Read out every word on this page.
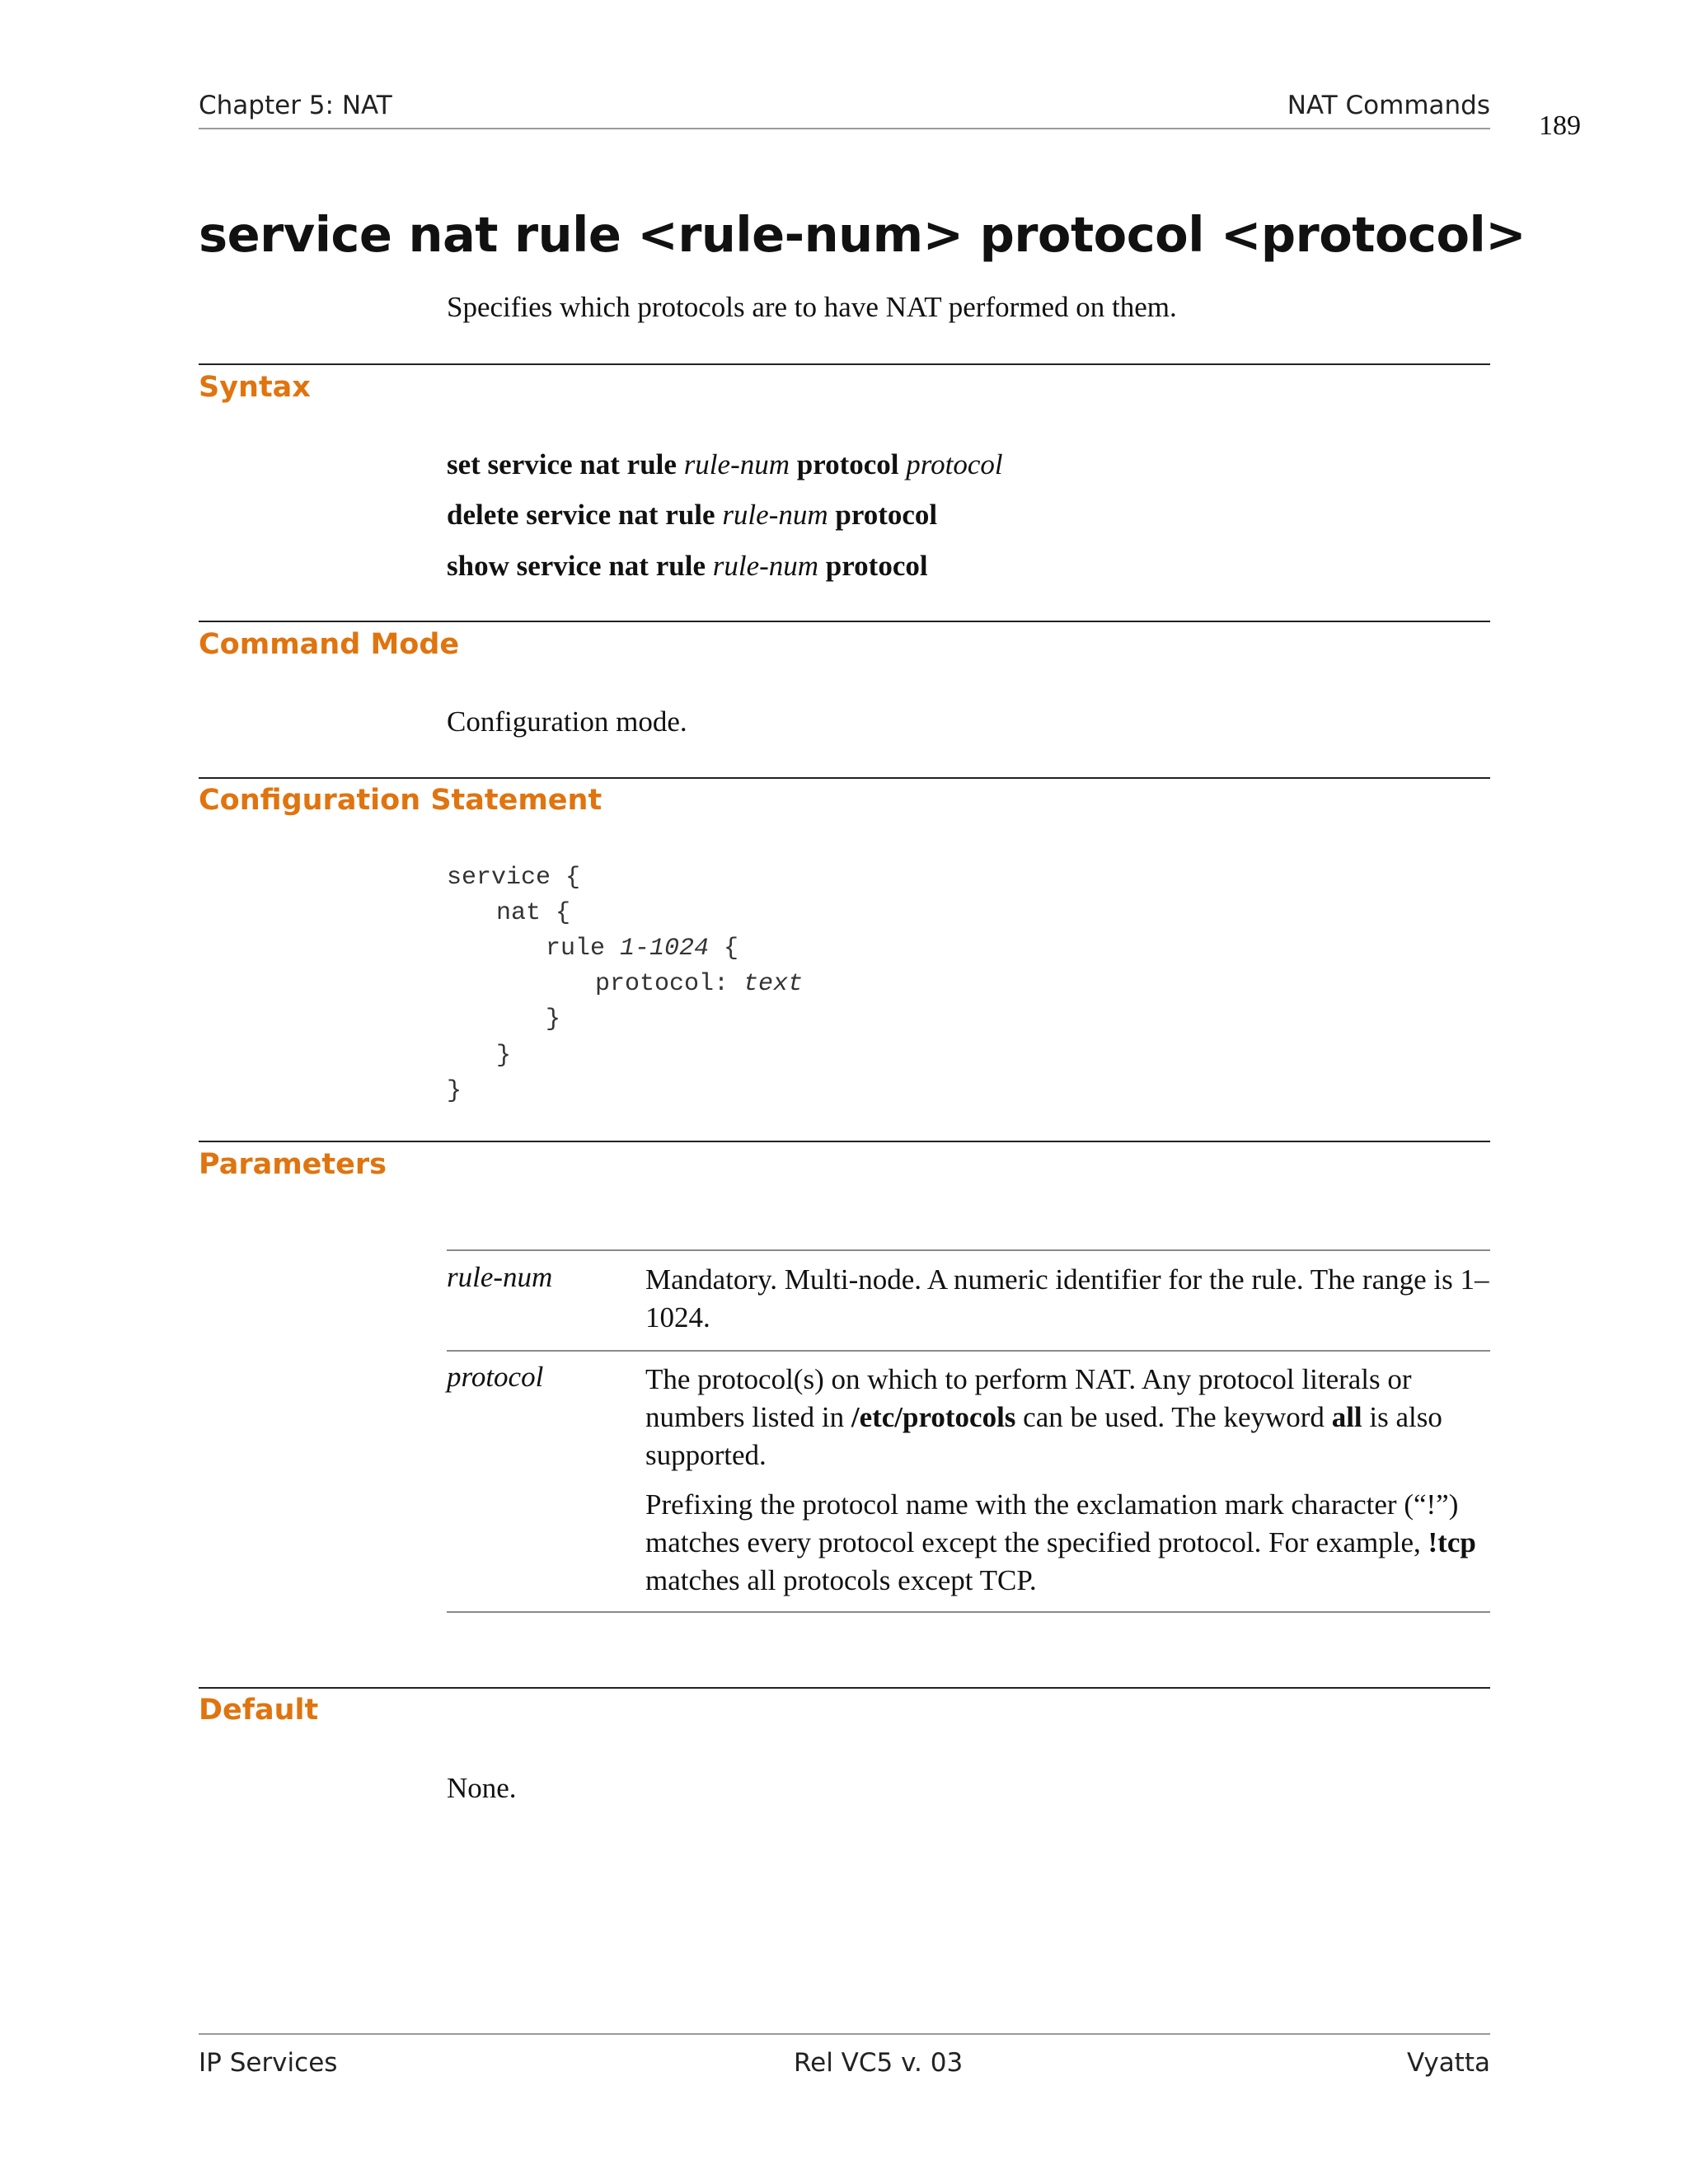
Chapter 5: NAT	NAT Commands
189
service nat rule <rule-num> protocol <protocol>
Specifies which protocols are to have NAT performed on them.
Syntax
set service nat rule rule-num protocol protocol
delete service nat rule rule-num protocol
show service nat rule rule-num protocol
Command Mode
Configuration mode.
Configuration Statement
service {
nat {
rule 1-1024 {
protocol: text
}
}
}
Parameters
rule-num	Mandatory. Multi-node. A numeric identifier for the rule. The range is 1–1024.
protocol	The protocol(s) on which to perform NAT. Any protocol literals or numbers listed in /etc/protocols can be used. The keyword all is also supported.

Prefixing the protocol name with the exclamation mark character (“!”) matches every protocol except the specified protocol. For example, !tcp matches all protocols except TCP.

Default
None.
IP Services	Rel VC5 v. 03	Vyatta
